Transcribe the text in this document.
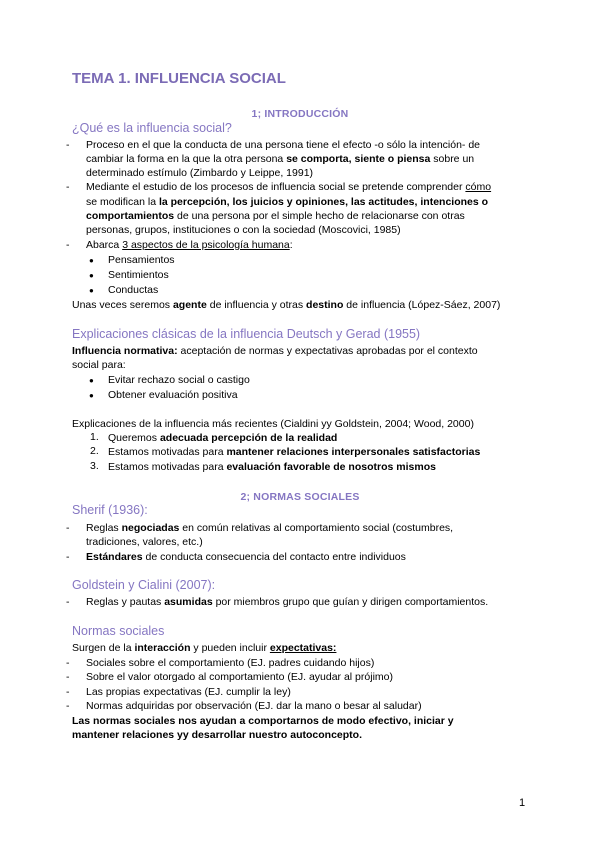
TEMA 1. INFLUENCIA SOCIAL
1; INTRODUCCIÓN
¿Qué es la influencia social?
- Proceso en el que la conducta de una persona tiene el efecto -o sólo la intención- de
cambiar la forma en la que la otra persona se comporta, siente o piensa sobre un
determinado estímulo (Zimbardo y Leippe, 1991)
- Mediante el estudio de los procesos de influencia social se pretende comprender cómo
se modifican la la percepción, los juicios y opiniones, las actitudes, intenciones o
comportamientos de una persona por el simple hecho de relacionarse con otras
personas, grupos, instituciones o con la sociedad (Moscovici, 1985)
- Abarca 3 aspectos de la psicología humana:
● Pensamientos
● Sentimientos
● Conductas
Unas veces seremos agente de influencia y otras destino de influencia (López-Sáez, 2007)
Explicaciones clásicas de la influencia Deutsch y Gerad (1955)
Influencia normativa: aceptación de normas y expectativas aprobadas por el contexto
social para:
● Evitar rechazo social o castigo
● Obtener evaluación positiva
Explicaciones de la influencia más recientes (Cialdini yy Goldstein, 2004; Wood, 2000)
1. Queremos adecuada percepción de la realidad
2. Estamos motivadas para mantener relaciones interpersonales satisfactorias
3. Estamos motivadas para evaluación favorable de nosotros mismos
2; NORMAS SOCIALES
Sherif (1936):
- Reglas negociadas en común relativas al comportamiento social (costumbres,
tradiciones, valores, etc.)
- Estándares de conducta consecuencia del contacto entre individuos
Goldstein y Cialini (2007):
- Reglas y pautas asumidas por miembros grupo que guían y dirigen comportamientos.
Normas sociales
Surgen de la interacción y pueden incluir expectativas:
- Sociales sobre el comportamiento (EJ. padres cuidando hijos)
- Sobre el valor otorgado al comportamiento (EJ. ayudar al prójimo)
- Las propias expectativas (EJ. cumplir la ley)
- Normas adquiridas por observación (EJ. dar la mano o besar al saludar)
Las normas sociales nos ayudan a comportarnos de modo efectivo, iniciar y
mantener relaciones yy desarrollar nuestro autoconcepto.
1
